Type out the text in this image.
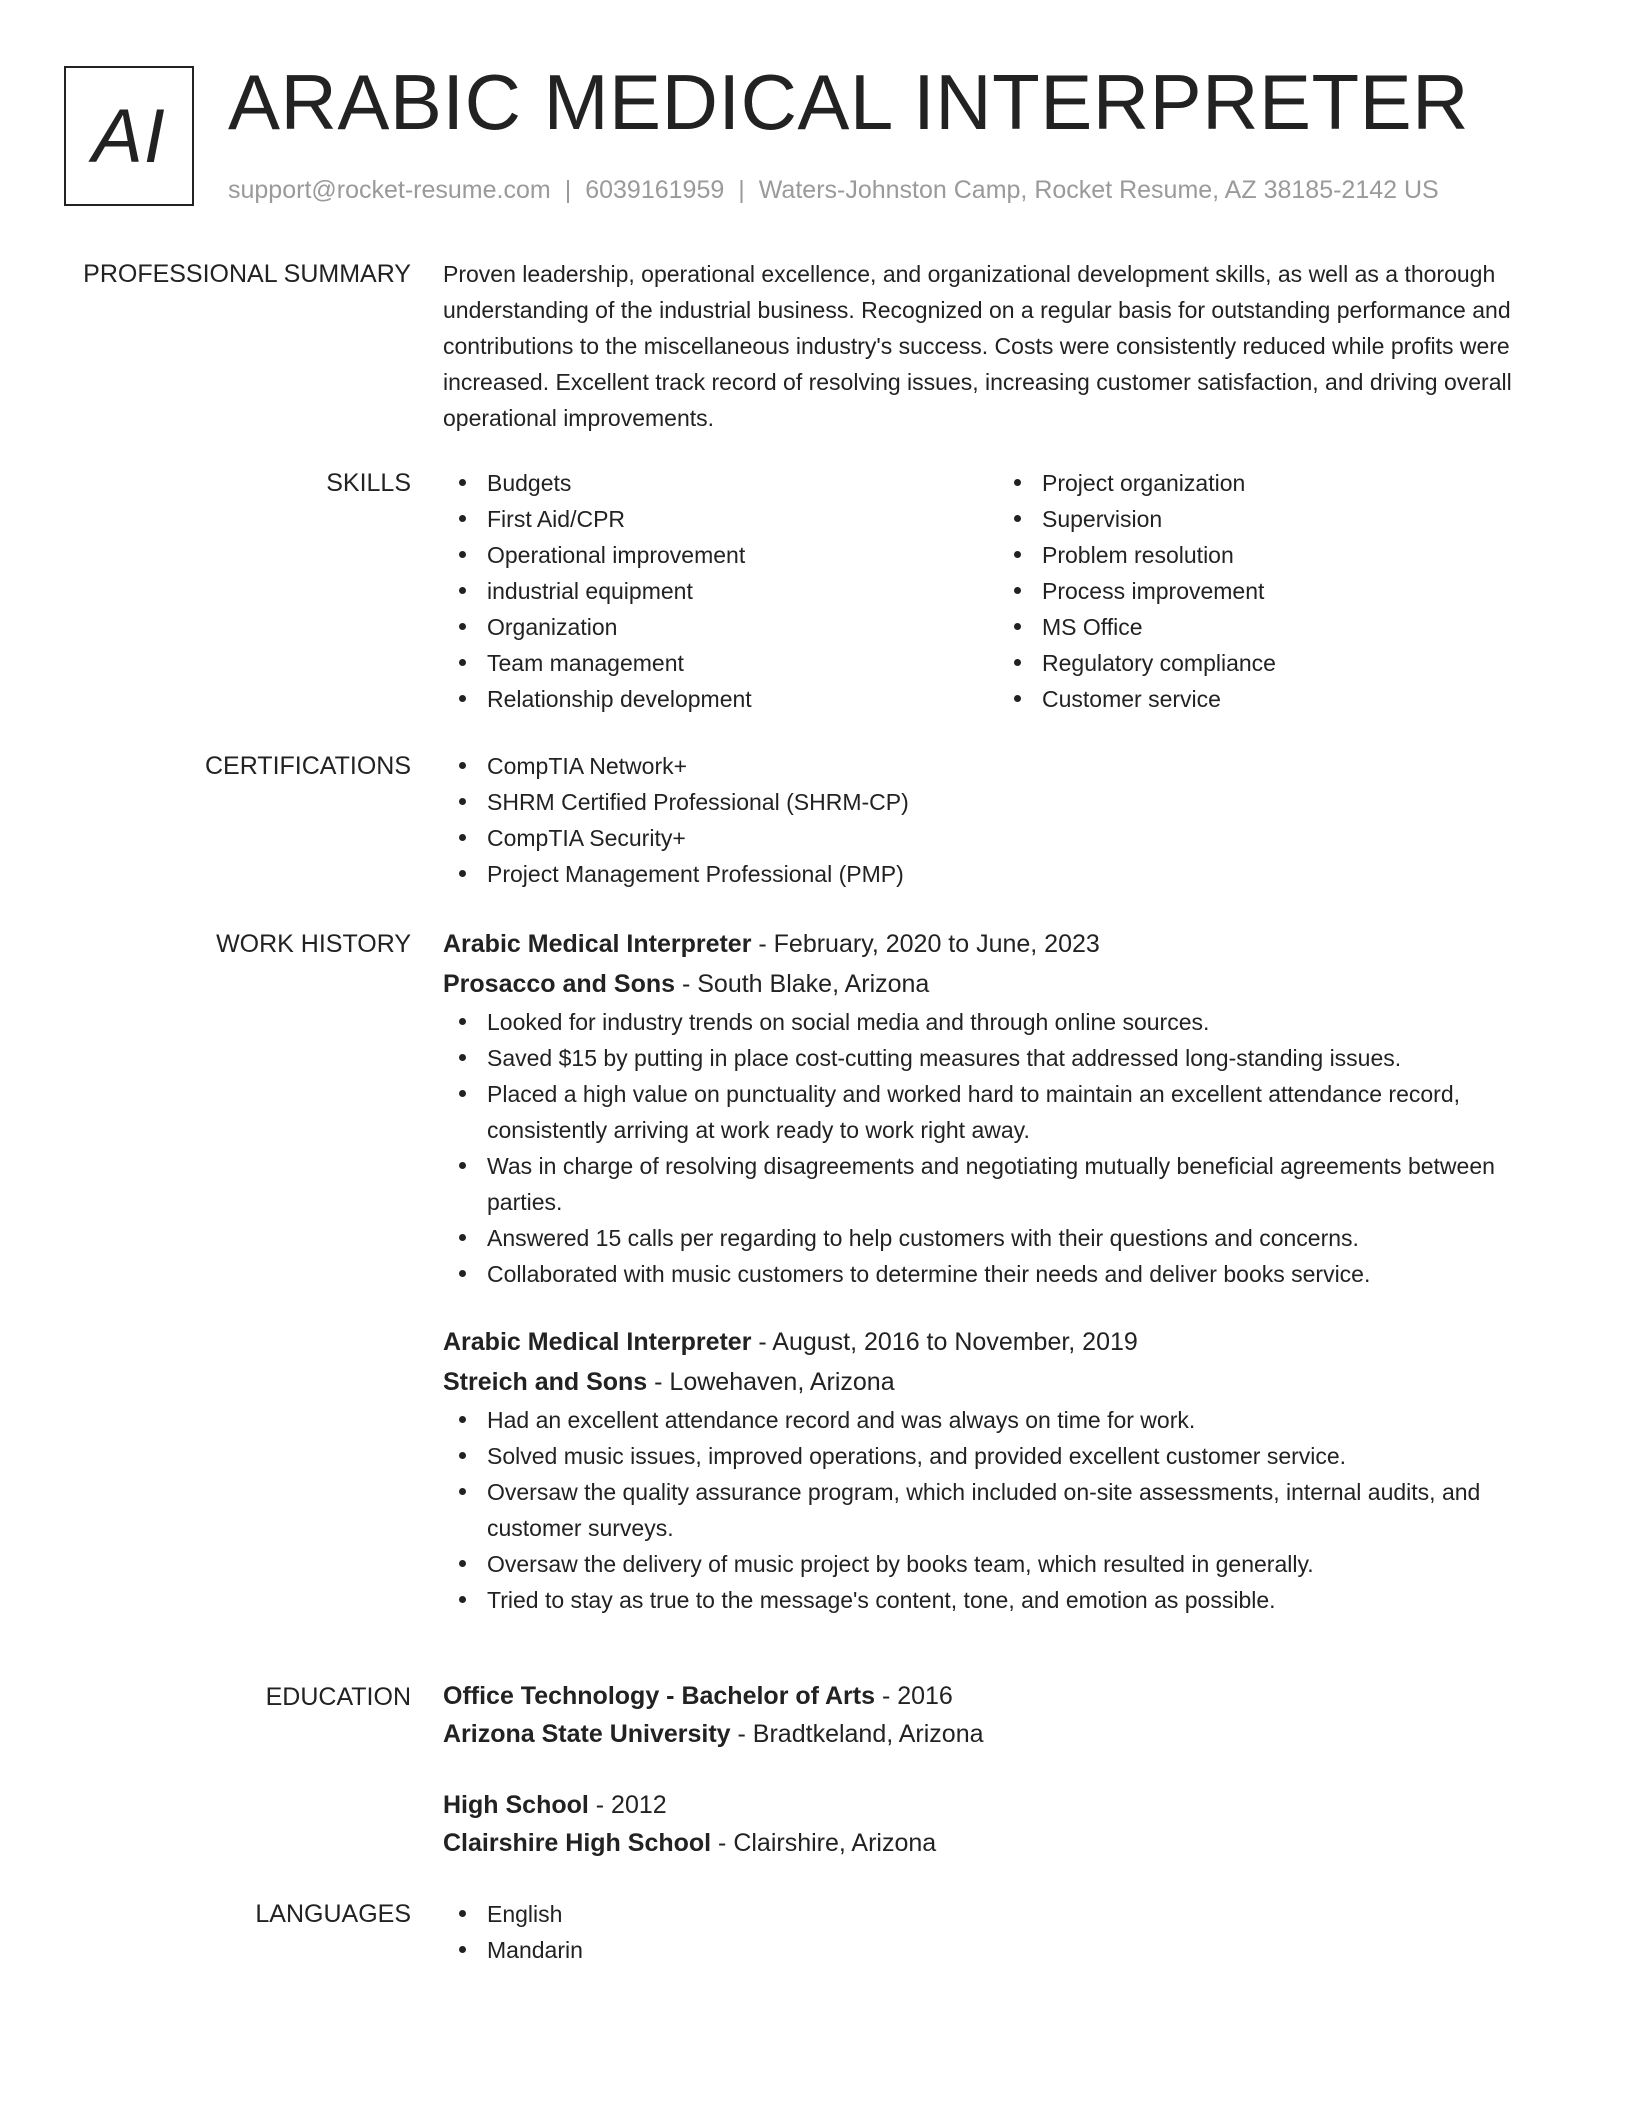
AI ARABIC MEDICAL INTERPRETER
support@rocket-resume.com | 6039161959 | Waters-Johnston Camp, Rocket Resume, AZ 38185-2142 US
PROFESSIONAL SUMMARY Proven leadership, operational excellence, and organizational development skills, as well as a thorough understanding of the industrial business. Recognized on a regular basis for outstanding performance and contributions to the miscellaneous industry's success. Costs were consistently reduced while profits were increased. Excellent track record of resolving issues, increasing customer satisfaction, and driving overall operational improvements.
SKILLS	Budgets
First Aid/CPR
Operational improvement
industrial equipment
Organization
Team management
Relationship development
Project organization
Supervision
Problem resolution
Process improvement
MS Office
Regulatory compliance
Customer service
CERTIFICATIONS	CompTIA Network+
SHRM Certified Professional (SHRM-CP)
CompTIA Security+
Project Management Professional (PMP)
WORK HISTORY Arabic Medical Interpreter - February, 2020 to June, 2023
Prosacco and Sons - South Blake, Arizona
Looked for industry trends on social media and through online sources.
Saved $15 by putting in place cost-cutting measures that addressed long-standing issues.
Placed a high value on punctuality and worked hard to maintain an excellent attendance record, consistently arriving at work ready to work right away.
Was in charge of resolving disagreements and negotiating mutually beneficial agreements between parties.
Answered 15 calls per regarding to help customers with their questions and concerns.
Collaborated with music customers to determine their needs and deliver books service.
Arabic Medical Interpreter - August, 2016 to November, 2019
Streich and Sons - Lowehaven, Arizona
Had an excellent attendance record and was always on time for work.
Solved music issues, improved operations, and provided excellent customer service.
Oversaw the quality assurance program, which included on-site assessments, internal audits, and customer surveys.
Oversaw the delivery of music project by books team, which resulted in generally.
Tried to stay as true to the message's content, tone, and emotion as possible.
EDUCATION Office Technology - Bachelor of Arts - 2016
Arizona State University - Bradtkeland, Arizona
High School - 2012
Clairshire High School - Clairshire, Arizona
LANGUAGES	English
Mandarin
